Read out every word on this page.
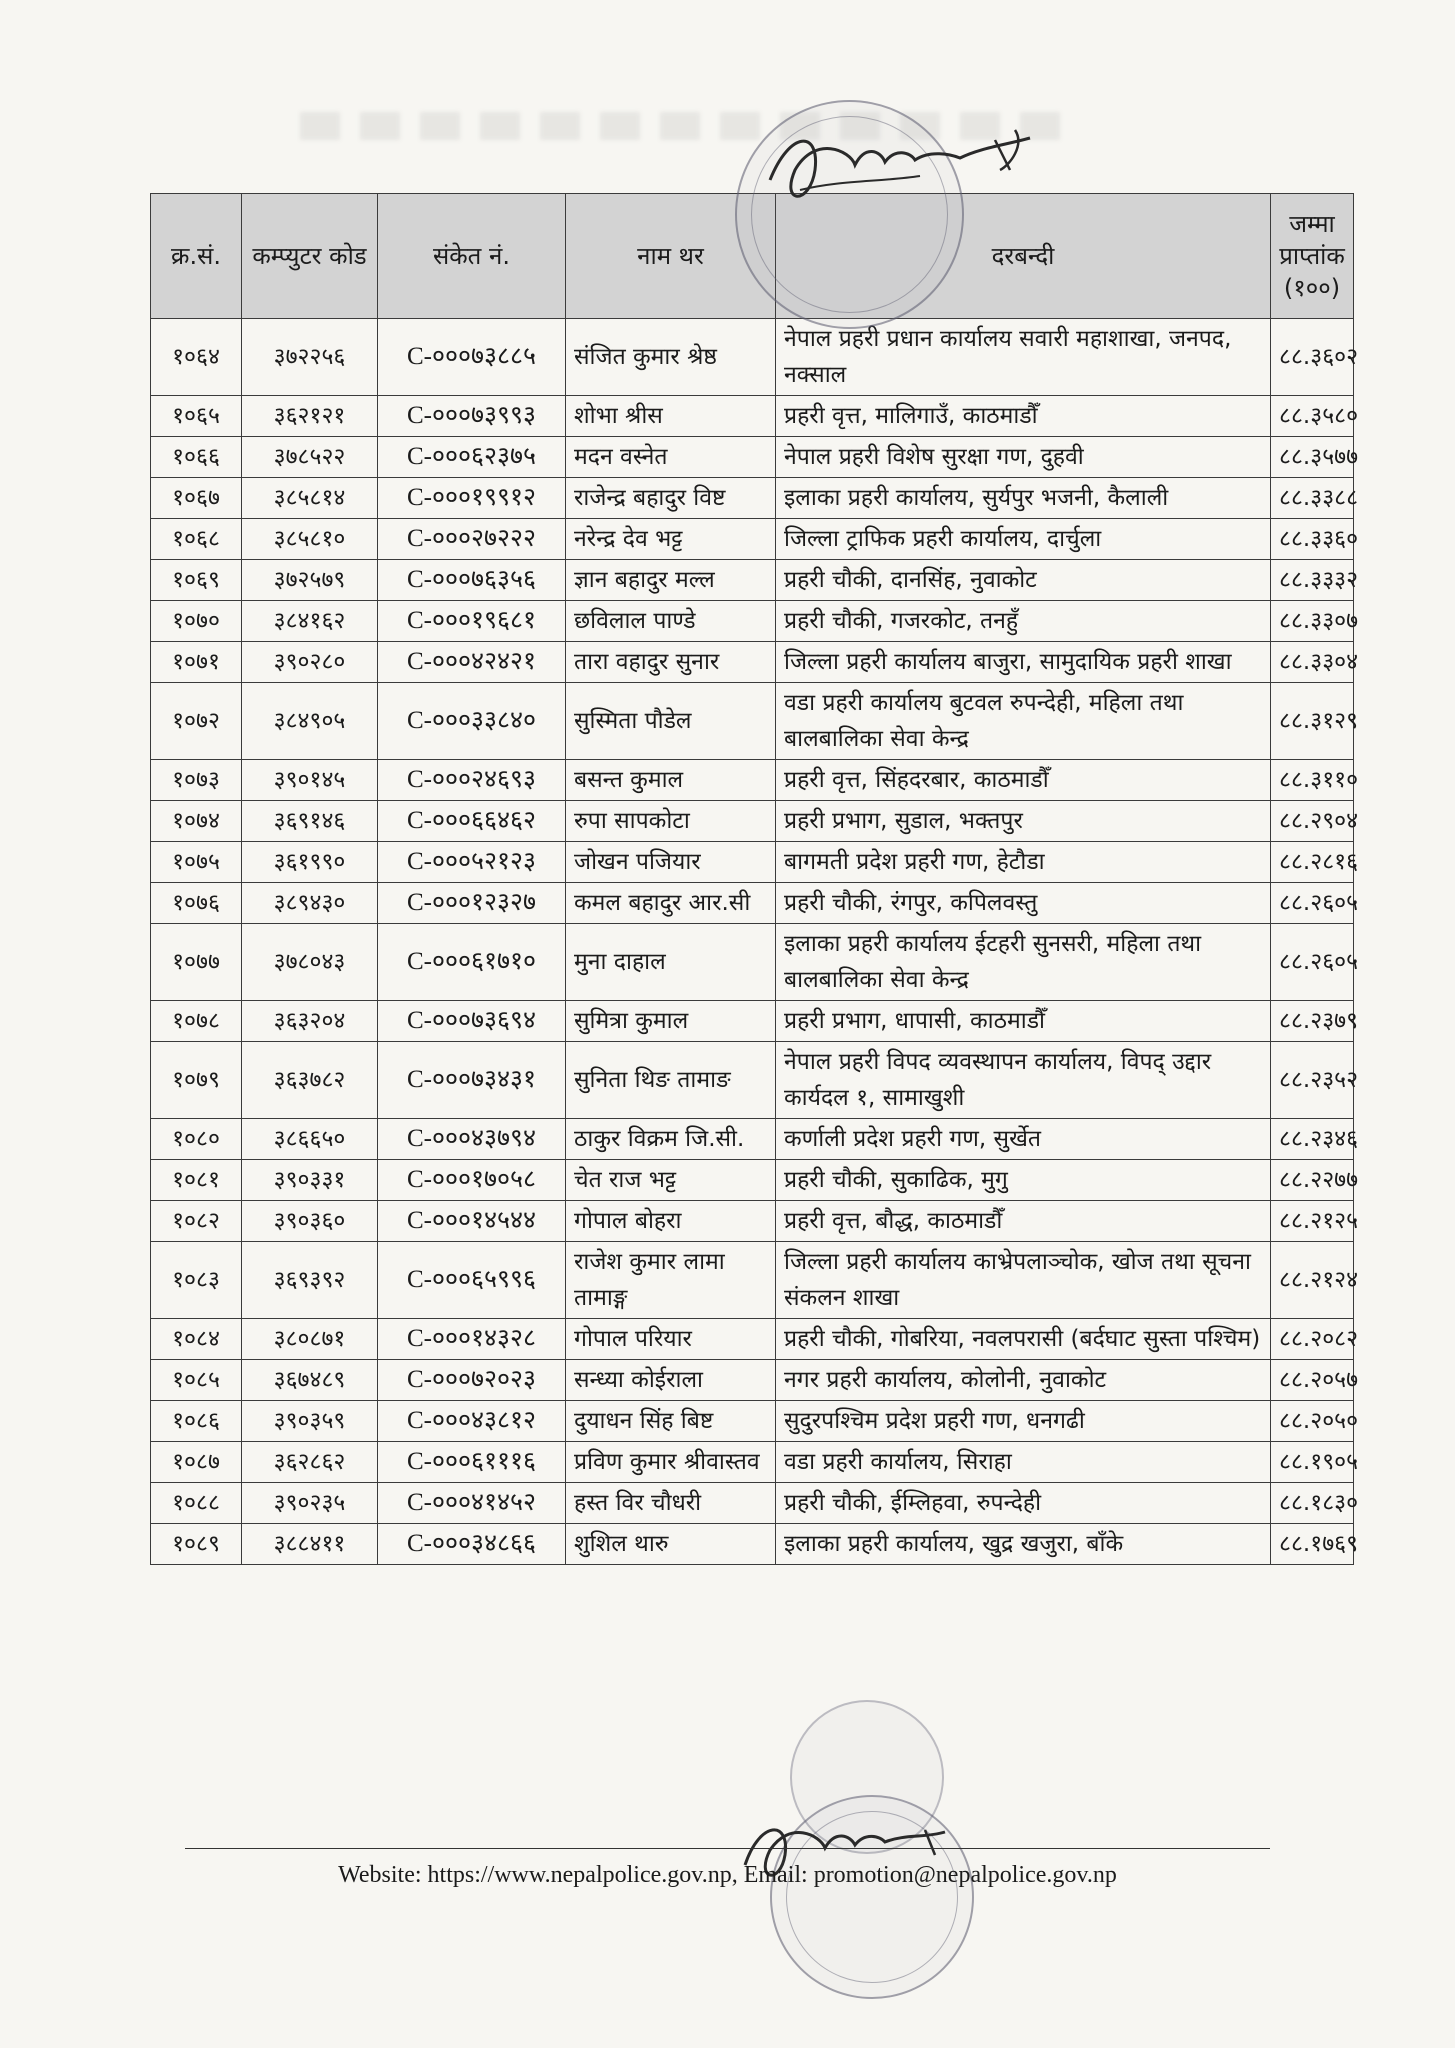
क्र.सं.	कम्प्युटर कोड	संकेत नं.	नाम थर	दरबन्दी	जम्मा प्राप्तांक (१००)
१०६४	३७२२५६	C-०००७३८८५	संजित कुमार श्रेष्ठ	नेपाल प्रहरी प्रधान कार्यालय सवारी महाशाखा, जनपद, नक्साल	८८.३६०२
१०६५	३६२१२१	C-०००७३९९३	शोभा श्रीस	प्रहरी वृत्त, मालिगाउँ, काठमाडौँ	८८.३५८०
१०६६	३७८५२२	C-०००६२३७५	मदन वस्नेत	नेपाल प्रहरी विशेष सुरक्षा गण, दुहवी	८८.३५७७
१०६७	३८५८१४	C-०००१९९१२	राजेन्द्र बहादुर विष्ट	इलाका प्रहरी कार्यालय, सुर्यपुर भजनी, कैलाली	८८.३३८८
१०६८	३८५८१०	C-०००२७२२२	नरेन्द्र देव भट्ट	जिल्ला ट्राफिक प्रहरी कार्यालय, दार्चुला	८८.३३६०
१०६९	३७२५७९	C-०००७६३५६	ज्ञान बहादुर मल्ल	प्रहरी चौकी, दानसिंह, नुवाकोट	८८.३३३२
१०७०	३८४१६२	C-०००१९६८१	छविलाल पाण्डे	प्रहरी चौकी, गजरकोट, तनहुँ	८८.३३०७
१०७१	३९०२८०	C-०००४२४२१	तारा वहादुर सुनार	जिल्ला प्रहरी कार्यालय बाजुरा, सामुदायिक प्रहरी शाखा	८८.३३०४
१०७२	३८४९०५	C-०००३३८४०	सुस्मिता पौडेल	वडा प्रहरी कार्यालय बुटवल रुपन्देही, महिला तथा बालबालिका सेवा केन्द्र	८८.३१२९
१०७३	३९०१४५	C-०००२४६९३	बसन्त कुमाल	प्रहरी वृत्त, सिंहदरबार, काठमाडौँ	८८.३११०
१०७४	३६९१४६	C-०००६६४६२	रुपा सापकोटा	प्रहरी प्रभाग, सुडाल, भक्तपुर	८८.२९०४
१०७५	३६१९९०	C-०००५२१२३	जोखन पजियार	बागमती प्रदेश प्रहरी गण, हेटौडा	८८.२८१६
१०७६	३८९४३०	C-०००१२३२७	कमल बहादुर आर.सी	प्रहरी चौकी, रंगपुर, कपिलवस्तु	८८.२६०५
१०७७	३७८०४३	C-०००६१७१०	मुना दाहाल	इलाका प्रहरी कार्यालय ईटहरी सुनसरी, महिला तथा बालबालिका सेवा केन्द्र	८८.२६०५
१०७८	३६३२०४	C-०००७३६९४	सुमित्रा कुमाल	प्रहरी प्रभाग, धापासी, काठमाडौँ	८८.२३७९
१०७९	३६३७८२	C-०००७३४३१	सुनिता थिङ तामाङ	नेपाल प्रहरी विपद व्यवस्थापन कार्यालय, विपद् उद्दार कार्यदल १, सामाखुशी	८८.२३५२
१०८०	३८६६५०	C-०००४३७९४	ठाकुर विक्रम जि.सी.	कर्णाली प्रदेश प्रहरी गण, सुर्खेत	८८.२३४६
१०८१	३९०३३१	C-०००१७०५८	चेत राज भट्ट	प्रहरी चौकी, सुकाढिक, मुगु	८८.२२७७
१०८२	३९०३६०	C-०००१४५४४	गोपाल बोहरा	प्रहरी वृत्त, बौद्ध, काठमाडौँ	८८.२१२५
१०८३	३६९३९२	C-०००६५९९६	राजेश कुमार लामा तामाङ्ग	जिल्ला प्रहरी कार्यालय काभ्रेपलाञ्चोक, खोज तथा सूचना संकलन शाखा	८८.२१२४
१०८४	३८०८७१	C-०००१४३२८	गोपाल परियार	प्रहरी चौकी, गोबरिया, नवलपरासी (बर्दघाट सुस्ता पश्चिम)	८८.२०८२
१०८५	३६७४८९	C-०००७२०२३	सन्ध्या कोईराला	नगर प्रहरी कार्यालय, कोलोनी, नुवाकोट	८८.२०५७
१०८६	३९०३५९	C-०००४३८१२	दुयाधन सिंह बिष्ट	सुदुरपश्चिम प्रदेश प्रहरी गण, धनगढी	८८.२०५०
१०८७	३६२८६२	C-०००६१११६	प्रविण कुमार श्रीवास्तव	वडा प्रहरी कार्यालय, सिराहा	८८.१९०५
१०८८	३९०२३५	C-०००४१४५२	हस्त विर चौधरी	प्रहरी चौकी, ईम्लिहवा, रुपन्देही	८८.१८३०
१०८९	३८८४११	C-०००३४८६६	शुशिल थारु	इलाका प्रहरी कार्यालय, खुद्र खजुरा, बाँके	८८.१७६९
Website: https://www.nepalpolice.gov.np, Email: promotion@nepalpolice.gov.np
